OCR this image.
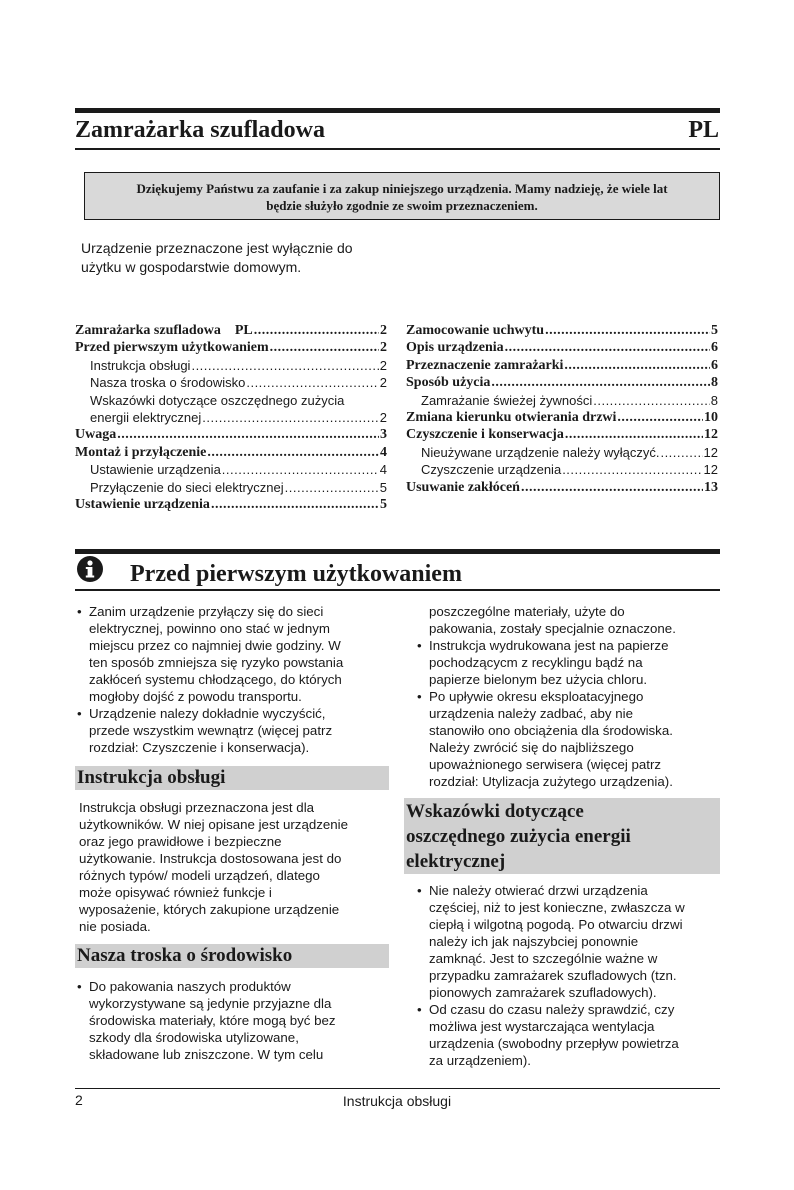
Zamrażarka szufladowa	PL
Dziękujemy Państwu za zaufanie i za zakup niniejszego urządzenia. Mamy nadzieję, że wiele lat
będzie służyło zgodnie ze swoim przeznaczeniem.
Urządzenie przeznaczone jest wyłącznie do
użytku w gospodarstwie domowym.
Zamrażarka szufladowa    PL .....	2
Przed pierwszym użytkowaniem .....	2
Instrukcja obsługi .....	2
Nasza troska o środowisko .....	2
Wskazówki dotyczące oszczędnego zużycia
energii elektrycznej .....	2
Uwaga .....	3
Montaż i przyłączenie .....	4
Ustawienie urządzenia .....	4
Przyłączenie do sieci elektrycznej .....	5
Ustawienie urządzenia .....	5
Zamocowanie uchwytu .....	5
Opis urządzenia .....	6
Przeznaczenie zamrażarki .....	6
Sposób użycia .....	8
Zamrażanie świeżej żywności .....	8
Zmiana kierunku otwierania drzwi .....	10
Czyszczenie i konserwacja .....	12
Nieużywane urządzenie należy wyłączyć. .....	12
Czyszczenie urządzenia .....	12
Usuwanie zakłóceń .....	13
Przed pierwszym użytkowaniem
• Zanim urządzenie przyłączy się do sieci
elektrycznej, powinno ono stać w jednym
miejscu przez co najmniej dwie godziny. W
ten sposób zmniejsza się ryzyko powstania
zakłóceń systemu chłodzącego, do których
mogłoby dojść z powodu transportu.
• Urządzenie nalezy dokładnie wyczyścić,
przede wszystkim wewnątrz (więcej patrz
rozdział: Czyszczenie i konserwacja).
Instrukcja obsługi

Instrukcja obsługi przeznaczona jest dla
użytkowników. W niej opisane jest urządzenie
oraz jego prawidłowe i bezpieczne
użytkowanie. Instrukcja dostosowana jest do
różnych typów/ modeli urządzeń, dlatego
może opisywać również funkcje i
wyposażenie, których zakupione urządzenie
nie posiada.

Nasza troska o środowisko
• Do pakowania naszych produktów
wykorzystywane są jedynie przyjazne dla
środowiska materiały, które mogą być bez
szkody dla środowiska utylizowane,
składowane lub zniszczone. W tym celu
poszczególne materiały, użyte do
pakowania, zostały specjalnie oznaczone.
• Instrukcja wydrukowana jest na papierze
pochodzącycm z recyklingu bądź na
papierze bielonym bez użycia chloru.
• Po upływie okresu eksploatacyjnego
urządzenia należy zadbać, aby nie
stanowiło ono obciążenia dla środowiska.
Należy zwrócić się do najbliższego
upoważnionego serwisera (więcej patrz
rozdział: Utylizacja zużytego urządzenia).
Wskazówki dotyczące
oszczędnego zużycia energii
elektrycznej
• Nie należy otwierać drzwi urządzenia
częściej, niż to jest konieczne, zwłaszcza w
ciepłą i wilgotną pogodą. Po otwarciu drzwi
należy ich jak najszybciej ponownie
zamknąć. Jest to szczególnie ważne w
przypadku zamrażarek szufladowych (tzn.
pionowych zamrażarek szufladowych).
• Od czasu do czasu należy sprawdzić, czy
możliwa jest wystarczająca wentylacja
urządzenia (swobodny przepływ powietrza
za urządzeniem).
2	Instrukcja obsługi
